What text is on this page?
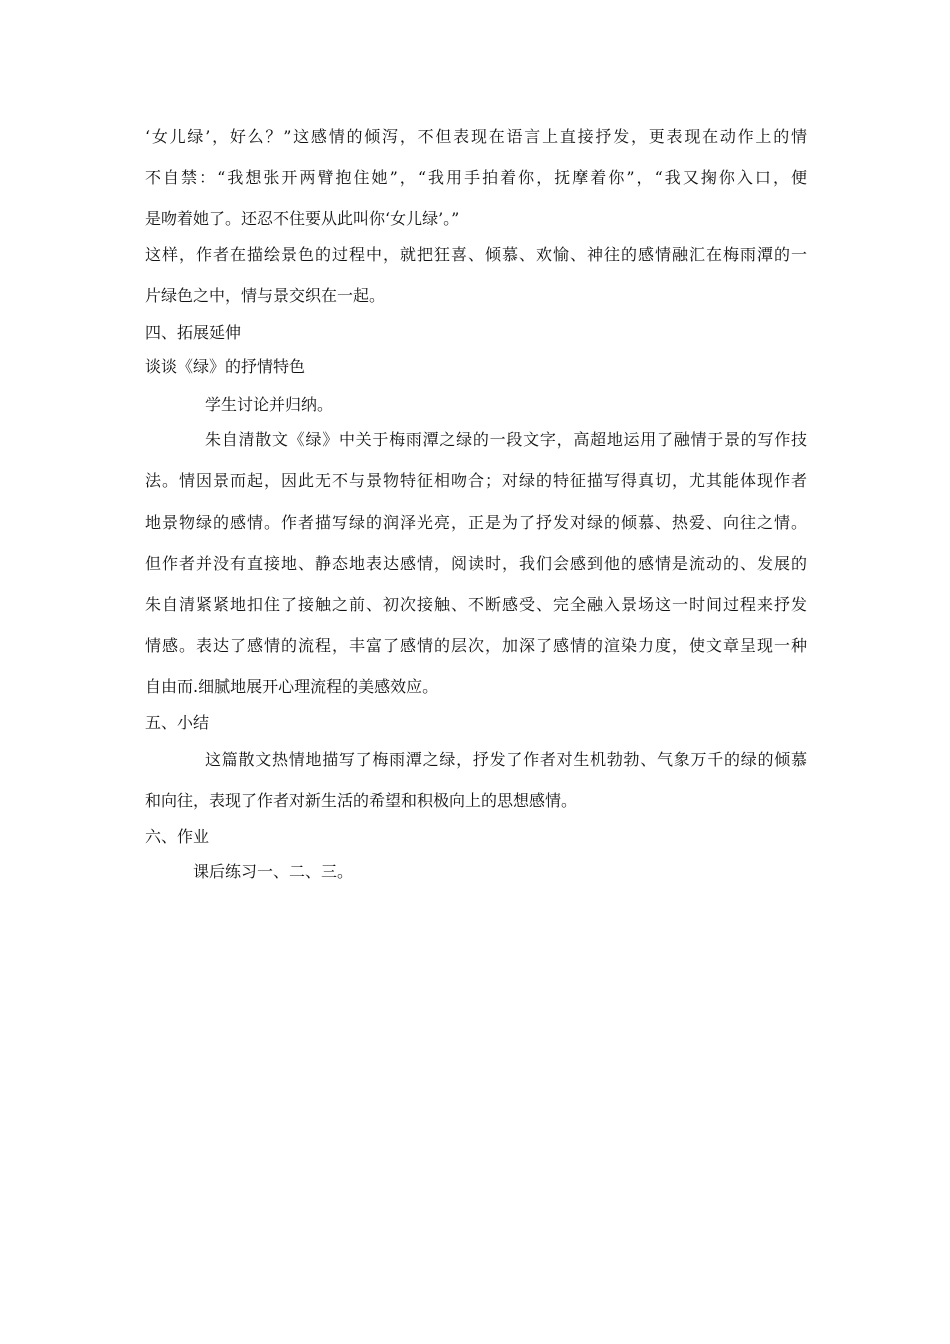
‘女儿绿’，好么？”这感情的倾泻，不但表现在语言上直接抒发，更表现在动作上的情
不自禁：“我想张开两臂抱住她”，“我用手拍着你，抚摩着你”，“我又掬你入口，便
是吻着她了。还忍不住要从此叫你‘女儿绿’。”
这样，作者在描绘景色的过程中，就把狂喜、倾慕、欢愉、神往的感情融汇在梅雨潭的一
片绿色之中，情与景交织在一起。
四、拓展延伸
谈谈《绿》的抒情特色
学生讨论并归纳。
朱自清散文《绿》中关于梅雨潭之绿的一段文字，高超地运用了融情于景的写作技
法。情因景而起，因此无不与景物特征相吻合；对绿的特征描写得真切，尤其能体现作者
地景物绿的感情。作者描写绿的润泽光亮，正是为了抒发对绿的倾慕、热爱、向往之情。
但作者并没有直接地、静态地表达感情，阅读时，我们会感到他的感情是流动的、发展的
朱自清紧紧地扣住了接触之前、初次接触、不断感受、完全融入景场这一时间过程来抒发
情感。表达了感情的流程，丰富了感情的层次，加深了感情的渲染力度，使文章呈现一种
自由而.细腻地展开心理流程的美感效应。
五、小结
这篇散文热情地描写了梅雨潭之绿，抒发了作者对生机勃勃、气象万千的绿的倾慕
和向往，表现了作者对新生活的希望和积极向上的思想感情。
六、作业
课后练习一、二、三。
